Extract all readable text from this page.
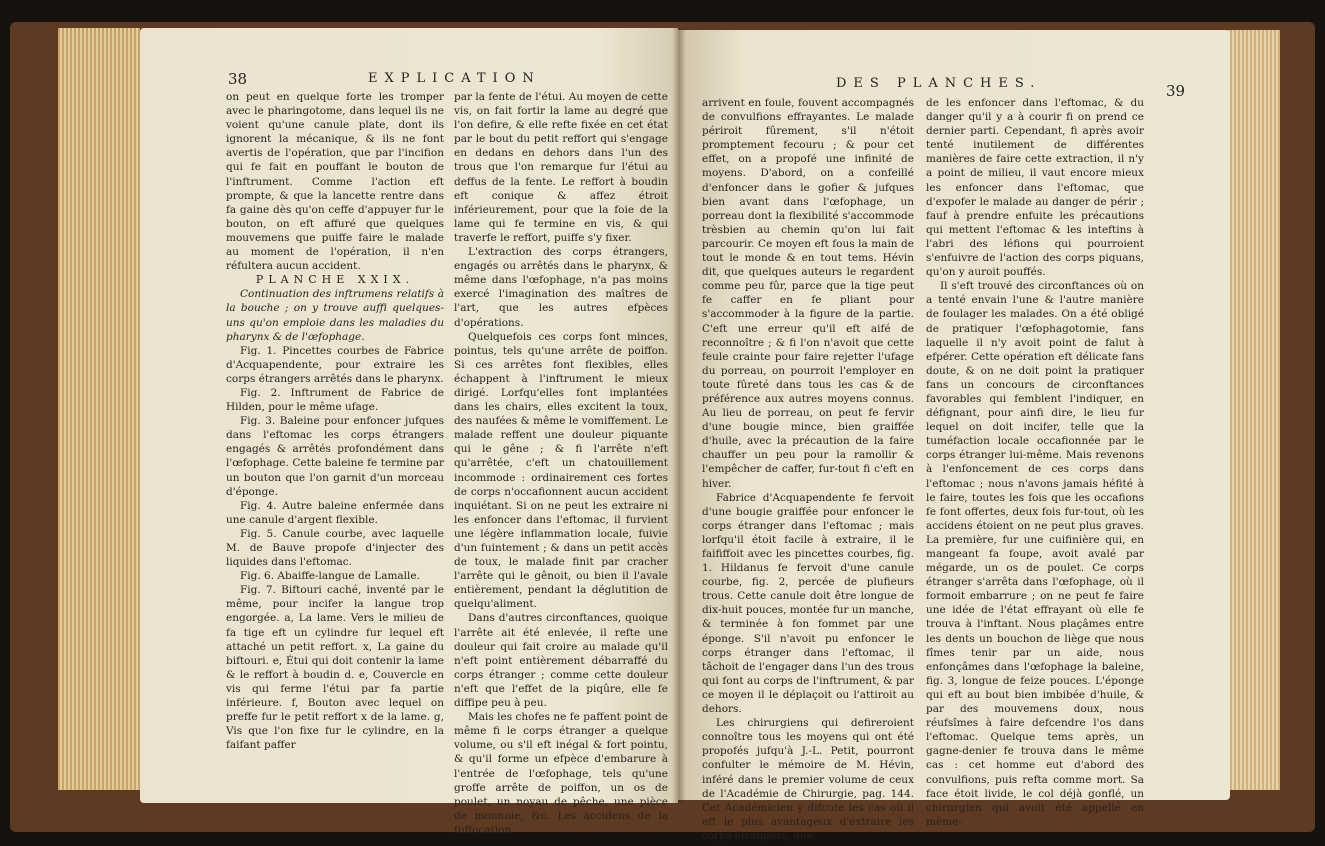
38	EXPLICATION

on peut en quelque forte les tromper avec le pharingotome, dans lequel ils ne voient qu'une canule plate, dont ils ignorent la mécanique, & ils ne font avertis de l'opération, que par l'incifion qui fe fait en pouffant le bouton de l'inftrument. Comme l'action eft prompte, & que la lancette rentre dans fa gaine dès qu'on ceffe d'appuyer fur le bouton, on eft affuré que quelques mouvemens que puiffe faire le malade au moment de l'opération, il n'en réfultera aucun accident.

PLANCHE XXIX.

Continuation des inftrumens relatifs à la bouche ; on y trouve auffi quelques-uns qu'on emploie dans les maladies du pharynx & de l'œfophage.

Fig. 1. Pincettes courbes de Fabrice d'Acquapendente, pour extraire les corps étrangers arrêtés dans le pharynx.

Fig. 2. Inftrument de Fabrice de Hilden, pour le même ufage.

Fig. 3. Baleine pour enfoncer jufques dans l'eftomac les corps étrangers engagés & arrêtés profondément dans l'œfophage. Cette baleine fe termine par un bouton que l'on garnit d'un morceau d'éponge.

Fig. 4. Autre baleine enfermée dans une canule d'argent flexible.

Fig. 5. Canule courbe, avec laquelle M. de Bauve propofe d'injecter des liquides dans l'eftomac.

Fig. 6. Abaiffe-langue de Lamalle.

Fig. 7. Biftouri caché, inventé par le même, pour incifer la langue trop engorgée. a, La lame. Vers le milieu de fa tige eft un cylindre fur lequel eft attaché un petit reffort. x, La gaine du biftouri. e, Étui qui doit contenir la lame & le reffort à boudin d. e, Couvercle en vis qui ferme l'étui par fa partie inférieure. f, Bouton avec lequel on preffe fur le petit reffort x de la lame. g, Vis que l'on fixe fur le cylindre, en la faifant paffer

par la fente de l'étui. Au moyen de cette vis, on fait fortir la lame au degré que l'on defire, & elle refte fixée en cet état par le bout du petit reffort qui s'engage en dedans en dehors dans l'un des trous que l'on remarque fur l'étui au deffus de la fente. Le reffort à boudin eft conique & affez étroit inférieurement, pour que la foie de la lame qui fe termine en vis, & qui traverfe le reffort, puiffe s'y fixer.

L'extraction des corps étrangers, engagés ou arrêtés dans le pharynx, & même dans l'œfophage, n'a pas moins exercé l'imagination des maîtres de l'art, que les autres efpèces d'opérations.

Quelquefois ces corps font minces, pointus, tels qu'une arrête de poiffon. Si ces arrêtes font flexibles, elles échappent à l'inftrument le mieux dirigé. Lorfqu'elles font implantées dans les chairs, elles excitent la toux, des naufées & même le vomiffement. Le malade reffent une douleur piquante qui le gêne ; & fi l'arrête n'eft qu'arrêtée, c'eft un chatouillement incommode : ordinairement ces fortes de corps n'occafionnent aucun accident inquiétant. Si on ne peut les extraire ni les enfoncer dans l'eftomac, il furvient une légère inflammation locale, fuivie d'un fuintement ; & dans un petit accès de toux, le malade finit par cracher l'arrête qui le gênoit, ou bien il l'avale entièrement, pendant la déglutition de quelqu'aliment.

Dans d'autres circonftances, quoique l'arrête ait été enlevée, il refte une douleur qui fait croire au malade qu'il n'eft point entièrement débarraffé du corps étranger ; comme cette douleur n'eft que l'effet de la piqûre, elle fe diffipe peu à peu.

Mais les chofes ne fe paffent point de même fi le corps étranger a quelque volume, ou s'il eft inégal & fort pointu, & qu'il forme un efpèce d'embarure à l'entrée de l'œfophage, tels qu'une groffe arrête de poiffon, un os de poulet, un noyau de pêche, une pièce de monnoie, &c. Les accidens de la fuffocation

DES PLANCHES.	39

arrivent en foule, fouvent accompagnés de convulfions effrayantes. Le malade périroit fûrement, s'il n'étoit promptement fecouru ; & pour cet effet, on a propofé une infinité de moyens. D'abord, on a confeillé d'enfoncer dans le gofier & jufques bien avant dans l'œfophage, un porreau dont la flexibilité s'accommode trèsbien au chemin qu'on lui fait parcourir. Ce moyen eft fous la main de tout le monde & en tout tems. Hévin dit, que quelques auteurs le regardent comme peu fûr, parce que la tige peut fe caffer en fe pliant pour s'accommoder à la figure de la partie. C'eft une erreur qu'il eft aifé de reconnoître ; & fi l'on n'avoit que cette feule crainte pour faire rejetter l'ufage du porreau, on pourroit l'employer en toute fûreté dans tous les cas & de préférence aux autres moyens connus. Au lieu de porreau, on peut fe fervir d'une bougie mince, bien graiffée d'huile, avec la précaution de la faire chauffer un peu pour la ramollir & l'empêcher de caffer, fur-tout fi c'eft en hiver.

Fabrice d'Acquapendente fe fervoit d'une bougie graiffée pour enfoncer le corps étranger dans l'eftomac ; mais lorfqu'il étoit facile à extraire, il le faififfoit avec les pincettes courbes, fig. 1. Hildanus fe fervoit d'une canule courbe, fig. 2, percée de plufieurs trous. Cette canule doit être longue de dix-huit pouces, montée fur un manche, & terminée à fon fommet par une éponge. S'il n'avoit pu enfoncer le corps étranger dans l'eftomac, il tâchoit de l'engager dans l'un des trous qui font au corps de l'inftrument, & par ce moyen il le déplaçoit ou l'attiroit au dehors.

Les chirurgiens qui defireroient connoître tous les moyens qui ont été propofés jufqu'à J.-L. Petit, pourront confulter le mémoire de M. Hévin, inféré dans le premier volume de ceux de l'Académie de Chirurgie, pag. 144. Cet Académicien y difcute les cas où il eft le plus avantageux d'extraire les corps étrangers, que

de les enfoncer dans l'eftomac, & du danger qu'il y a à courir fi on prend ce dernier parti. Cependant, fi après avoir tenté inutilement de différentes manières de faire cette extraction, il n'y a point de milieu, il vaut encore mieux les enfoncer dans l'eftomac, que d'expofer le malade au danger de périr ; fauf à prendre enfuite les précautions qui mettent l'eftomac & les inteftins à l'abri des léfions qui pourroient s'enfuivre de l'action des corps piquans, qu'on y auroit pouffés.

Il s'eft trouvé des circonftances où on a tenté envain l'une & l'autre manière de foulager les malades. On a été obligé de pratiquer l'œfophagotomie, fans laquelle il n'y avoit point de falut à efpérer. Cette opération eft délicate fans doute, & on ne doit point la pratiquer fans un concours de circonftances favorables qui femblent l'indiquer, en défignant, pour ainfi dire, le lieu fur lequel on doit incifer, telle que la tuméfaction locale occafionnée par le corps étranger lui-même. Mais revenons à l'enfoncement de ces corps dans l'eftomac ; nous n'avons jamais héfité à le faire, toutes les fois que les occafions fe font offertes, deux fois fur-tout, où les accidens étoient on ne peut plus graves. La première, fur une cuifinière qui, en mangeant fa foupe, avoit avalé par mégarde, un os de poulet. Ce corps étranger s'arrêta dans l'œfophage, où il formoit embarrure ; on ne peut fe faire une idée de l'état effrayant où elle fe trouva à l'inftant. Nous plaçâmes entre les dents un bouchon de liège que nous fîmes tenir par un aide, nous enfonçâmes dans l'œfophage la baleine, fig. 3, longue de feize pouces. L'éponge qui eft au bout bien imbibée d'huile, & par des mouvemens doux, nous réufsîmes à faire defcendre l'os dans l'eftomac. Quelque tems après, un gagne-denier fe trouva dans le même cas : cet homme eut d'abord des convulfions, puis refta comme mort. Sa face étoit livide, le col déjà gonflé, un chirurgien qui avoit été appellé en même-
